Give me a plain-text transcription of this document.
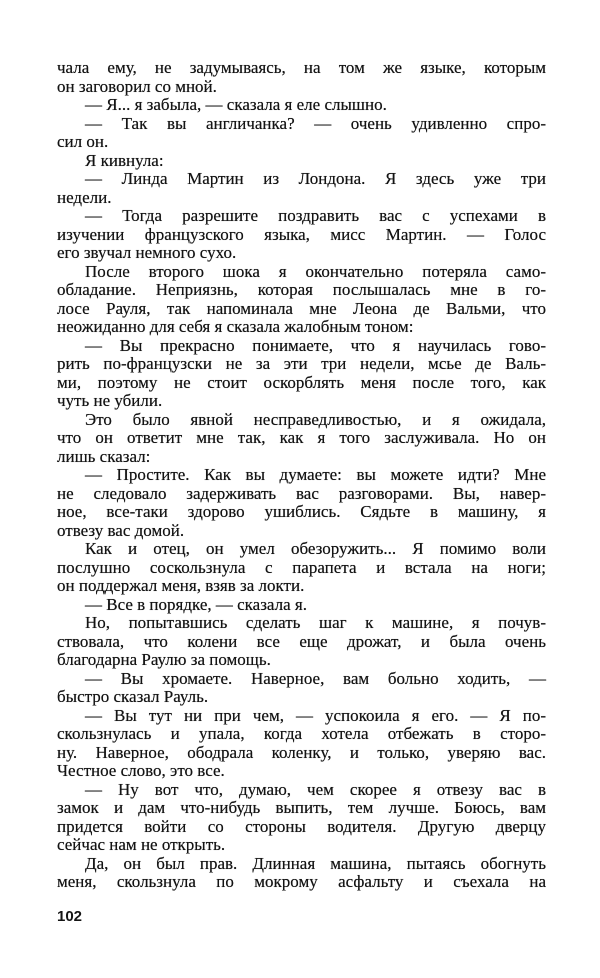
чала ему, не задумываясь, на том же языке, которым
он заговорил со мной.
— Я... я забыла, — сказала я еле слышно.
— Так вы англичанка? — очень удивленно спро-
сил он.
Я кивнула:
— Линда Мартин из Лондона. Я здесь уже три
недели.
— Тогда разрешите поздравить вас с успехами в
изучении французского языка, мисс Мартин. — Голос
его звучал немного сухо.
После второго шока я окончательно потеряла само-
обладание. Неприязнь, которая послышалась мне в го-
лосе Рауля, так напоминала мне Леона де Вальми, что
неожиданно для себя я сказала жалобным тоном:
— Вы прекрасно понимаете, что я научилась гово-
рить по-французски не за эти три недели, мсье де Валь-
ми, поэтому не стоит оскорблять меня после того, как
чуть не убили.
Это было явной несправедливостью, и я ожидала,
что он ответит мне так, как я того заслуживала. Но он
лишь сказал:
— Простите. Как вы думаете: вы можете идти? Мне
не следовало задерживать вас разговорами. Вы, навер-
ное, все-таки здорово ушиблись. Сядьте в машину, я
отвезу вас домой.
Как и отец, он умел обезоружить... Я помимо воли
послушно соскользнула с парапета и встала на ноги;
он поддержал меня, взяв за локти.
— Все в порядке, — сказала я.
Но, попытавшись сделать шаг к машине, я почув-
ствовала, что колени все еще дрожат, и была очень
благодарна Раулю за помощь.
— Вы хромаете. Наверное, вам больно ходить, —
быстро сказал Рауль.
— Вы тут ни при чем, — успокоила я его. — Я по-
скользнулась и упала, когда хотела отбежать в сторо-
ну. Наверное, ободрала коленку, и только, уверяю вас.
Честное слово, это все.
— Ну вот что, думаю, чем скорее я отвезу вас в
замок и дам что-нибудь выпить, тем лучше. Боюсь, вам
придется войти со стороны водителя. Другую дверцу
сейчас нам не открыть.
Да, он был прав. Длинная машина, пытаясь обогнуть
меня, скользнула по мокрому асфальту и съехала на
102
